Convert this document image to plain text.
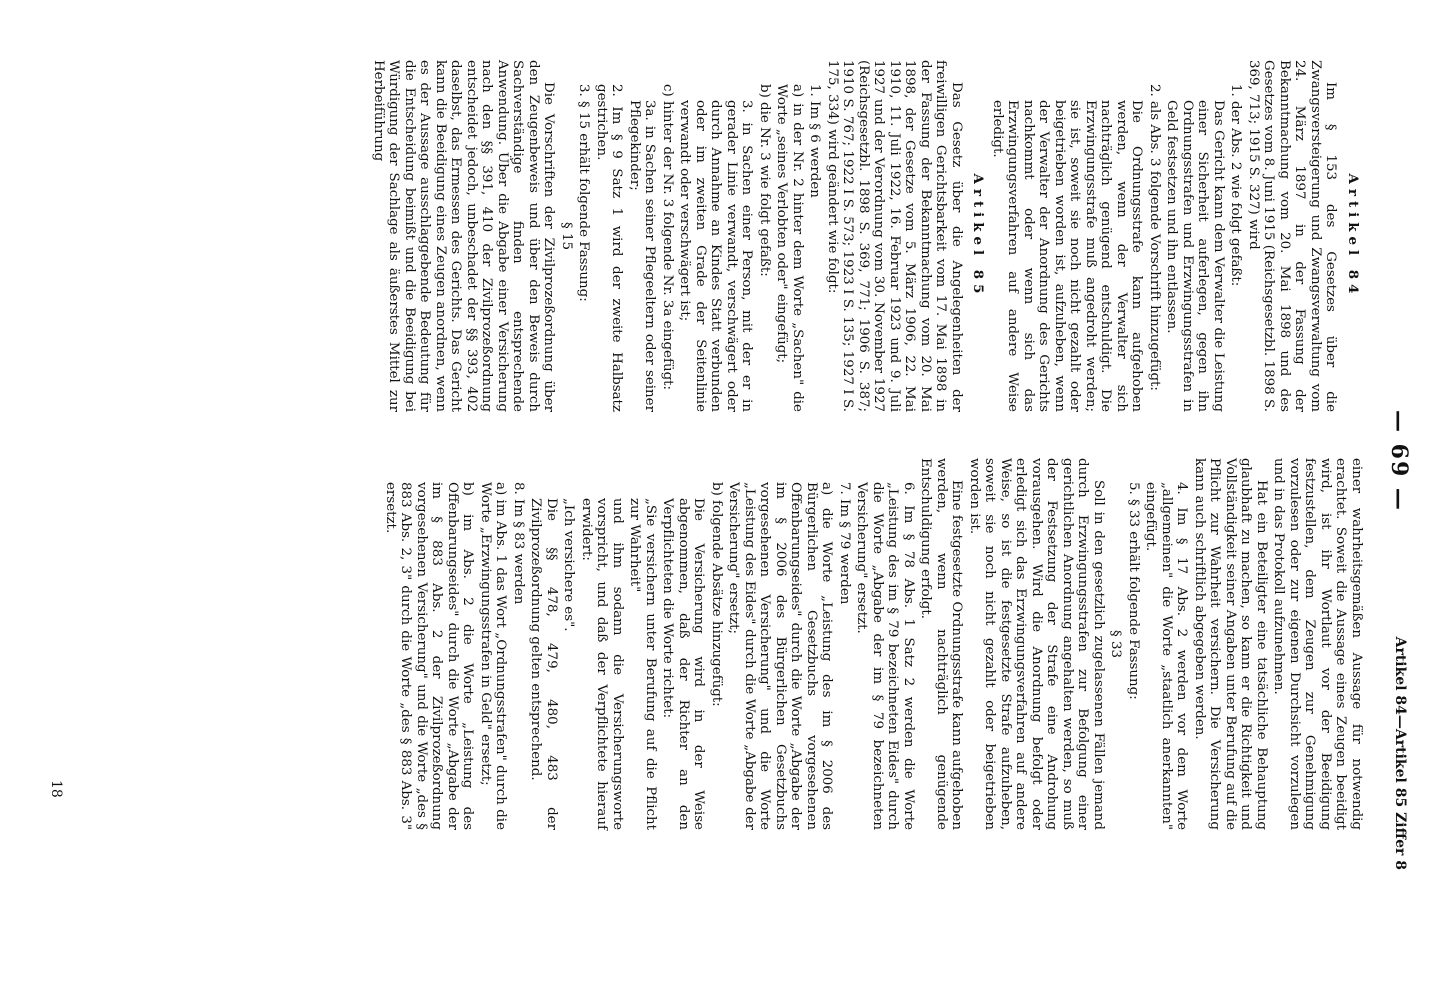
— 69 —
Artikel 84—Artikel 85 Ziffer 8

Artikel 84

Im § 153 des Gesetzes über die Zwangsversteigerung und Zwangsverwaltung vom 24. März 1897 in der Fassung der Bekanntmachung vom 20. Mai 1898 und des Gesetzes vom 8. Juni 1915 (Reichsgesetzbl. 1898 S. 369, 713; 1915 S. 327) wird

1. der Abs. 2 wie folgt gefaßt:

Das Gericht kann dem Verwalter die Leistung einer Sicherheit auferlegen, gegen ihn Ordnungsstrafen und Erzwingungsstrafen in Geld festsetzen und ihn entlassen.

2. als Abs. 3 folgende Vorschrift hinzugefügt:

Die Ordnungsstrafe kann aufgehoben werden, wenn der Verwalter sich nachträglich genügend entschuldigt. Die Erzwingungsstrafe muß angedroht werden; sie ist, soweit sie noch nicht gezahlt oder beigetrieben worden ist, aufzuheben, wenn der Verwalter der Anordnung des Gerichts nachkommt oder wenn sich das Erzwingungsverfahren auf andere Weise erledigt.

Artikel 85

Das Gesetz über die Angelegenheiten der freiwilligen Gerichtsbarkeit vom 17. Mai 1898 in der Fassung der Bekanntmachung vom 20. Mai 1898, der Gesetze vom 5. März 1906, 22. Mai 1910, 11. Juli 1922, 16. Februar 1923 und 9. Juli 1927 und der Verordnung vom 30. November 1927 (Reichsgesetzbl. 1898 S. 369, 771; 1906 S. 387; 1910 S. 767; 1922 I S. 573; 1923 I S. 135; 1927 I S. 175, 334) wird geändert wie folgt:

1. Im § 6 werden

a) in der Nr. 2 hinter dem Worte „Sachen" die Worte „seines Verlobten oder" eingefügt;

b) die Nr. 3 wie folgt gefaßt:

3. in Sachen einer Person, mit der er in gerader Linie verwandt, verschwägert oder durch Annahme an Kindes Statt verbunden oder im zweiten Grade der Seitenlinie verwandt oder verschwägert ist;

c) hinter der Nr. 3 folgende Nr. 3a eingefügt:

3a. in Sachen seiner Pflegeeltern oder seiner Pflegekinder;

2. Im § 9 Satz 1 wird der zweite Halbsatz gestrichen.

3. § 15 erhält folgende Fassung:

§ 15

Die Vorschriften der Zivilprozeßordnung über den Zeugenbeweis und über den Beweis durch Sachverständige finden entsprechende Anwendung. Über die Abgabe einer Versicherung nach den §§ 391, 410 der Zivilprozeßordnung entscheidet jedoch, unbeschadet der §§ 393, 402 daselbst, das Ermessen des Gerichts. Das Gericht kann die Beeidigung eines Zeugen anordnen, wenn es der Aussage ausschlaggebende Bedeutung für die Entscheidung beimißt und die Beeidigung bei Würdigung der Sachlage als äußerstes Mittel zur Herbeiführung

einer wahrheitsgemäßen Aussage für notwendig erachtet. Soweit die Aussage eines Zeugen beeidigt wird, ist ihr Wortlaut vor der Beeidigung festzustellen, dem Zeugen zur Genehmigung vorzulesen oder zur eigenen Durchsicht vorzulegen und in das Protokoll aufzunehmen.

Hat ein Beteiligter eine tatsächliche Behauptung glaubhaft zu machen, so kann er die Richtigkeit und Vollständigkeit seiner Angaben unter Berufung auf die Pflicht zur Wahrheit versichern. Die Versicherung kann auch schriftlich abgegeben werden.

4. Im § 17 Abs. 2 werden vor dem Worte „allgemeinen" die Worte „staatlich anerkannten" eingefügt.

5. § 33 erhält folgende Fassung:

§ 33

Soll in den gesetzlich zugelassenen Fällen jemand durch Erzwingungsstrafen zur Befolgung einer gerichtlichen Anordnung angehalten werden, so muß der Festsetzung der Strafe eine Androhung vorausgehen. Wird die Anordnung befolgt oder erledigt sich das Erzwingungsverfahren auf andere Weise, so ist die festgesetzte Strafe aufzuheben, soweit sie noch nicht gezahlt oder beigetrieben worden ist.

Eine festgesetzte Ordnungsstrafe kann aufgehoben werden, wenn nachträglich genügende Entschuldigung erfolgt.

6. Im § 78 Abs. 1 Satz 2 werden die Worte „Leistung des im § 79 bezeichneten Eides" durch die Worte „Abgabe der im § 79 bezeichneten Versicherung" ersetzt.

7. Im § 79 werden

a) die Worte „Leistung des im § 2006 des Bürgerlichen Gesetzbuchs vorgesehenen Offenbarungseides" durch die Worte „Abgabe der im § 2006 des Bürgerlichen Gesetzbuchs vorgesehenen Versicherung" und die Worte „Leistung des Eides" durch die Worte „Abgabe der Versicherung" ersetzt;

b) folgende Absätze hinzugefügt:

Die Versicherung wird in der Weise abgenommen, daß der Richter an den Verpflichteten die Worte richtet:

„Sie versichern unter Berufung auf die Pflicht zur Wahrheit"

und ihm sodann die Versicherungsworte vorspricht, und daß der Verpflichtete hierauf erwidert:

„Ich versichere es".

Die §§ 478, 479, 480, 483 der Zivilprozeßordnung gelten entsprechend.

8. Im § 83 werden

a) im Abs. 1 das Wort „Ordnungsstrafen" durch die Worte „Erzwingungsstrafen in Geld" ersetzt;

b) im Abs. 2 die Worte „Leistung des Offenbarungseides" durch die Worte „Abgabe der im § 883 Abs. 2 der Zivilprozeßordnung vorgesehenen Versicherung" und die Worte „des § 883 Abs. 2, 3" durch die Worte „des § 883 Abs. 3" ersetzt.

18
